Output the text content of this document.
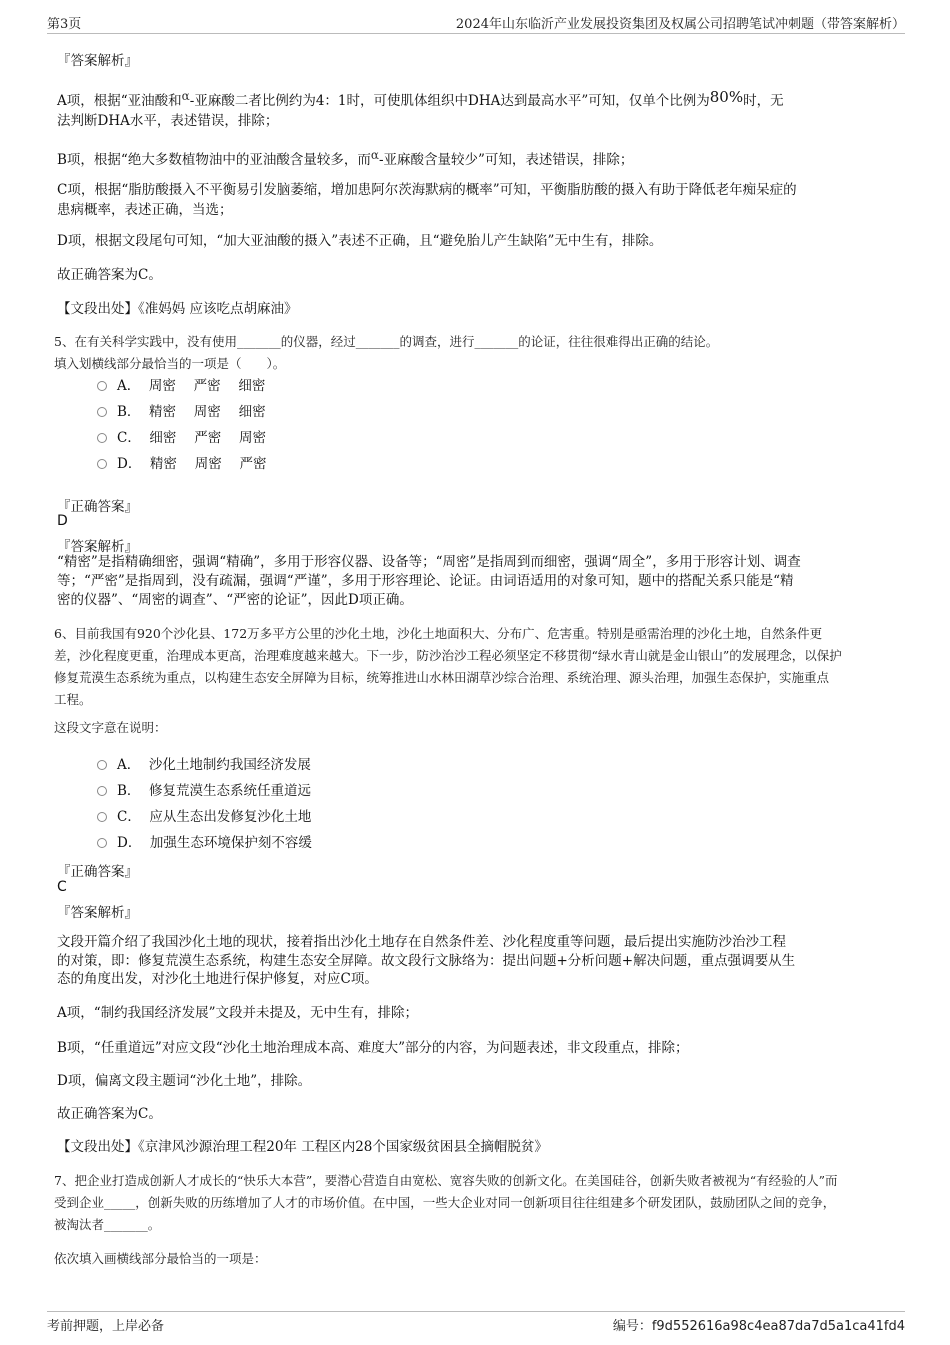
第3页	2024年山东临沂产业发展投资集团及权属公司招聘笔试冲刺题（带答案解析）
『答案解析』
A项，根据“亚油酸和α-亚麻酸二者比例约为4：1时，可使肌体组织中DHA达到最高水平”可知，仅单个比例为80%时，无
法判断DHA水平，表述错误，排除；
B项，根据“绝大多数植物油中的亚油酸含量较多，而α-亚麻酸含量较少”可知，表述错误，排除；
C项，根据“脂肪酸摄入不平衡易引发脑萎缩，增加患阿尔茨海默病的概率”可知，平衡脂肪酸的摄入有助于降低老年痴呆症的
患病概率，表述正确，当选；
D项，根据文段尾句可知，“加大亚油酸的摄入”表述不正确，且“避免胎儿产生缺陷”无中生有，排除。
故正确答案为C。
【文段出处】《准妈妈 应该吃点胡麻油》
5、在有关科学实践中，没有使用_______的仪器，经过_______的调查，进行_______的论证，往往很难得出正确的结论。
填入划横线部分最恰当的一项是（　　）。
A．  周密　 严密　 细密
B．  精密　 周密　 细密
C．  细密　 严密　 周密
D．  精密　 周密　 严密
『正确答案』
D
『答案解析』
“精密”是指精确细密，强调“精确”，多用于形容仪器、设备等；“周密”是指周到而细密，强调“周全”，多用于形容计划、调查
等；“严密”是指周到，没有疏漏，强调“严谨”，多用于形容理论、论证。由词语适用的对象可知，题中的搭配关系只能是“精
密的仪器”、“周密的调查”、“严密的论证”，因此D项正确。
6、目前我国有920个沙化县、172万多平方公里的沙化土地，沙化土地面积大、分布广、危害重。特别是亟需治理的沙化土地，自然条件更
差，沙化程度更重，治理成本更高，治理难度越来越大。下一步，防沙治沙工程必须坚定不移贯彻“绿水青山就是金山银山”的发展理念，以保护
修复荒漠生态系统为重点，以构建生态安全屏障为目标，统筹推进山水林田湖草沙综合治理、系统治理、源头治理，加强生态保护，实施重点
工程。
这段文字意在说明：
A．  沙化土地制约我国经济发展
B．  修复荒漠生态系统任重道远
C．  应从生态出发修复沙化土地
D．  加强生态环境保护刻不容缓
『正确答案』
C
『答案解析』
文段开篇介绍了我国沙化土地的现状，接着指出沙化土地存在自然条件差、沙化程度重等问题，最后提出实施防沙治沙工程
的对策，即：修复荒漠生态系统，构建生态安全屏障。故文段行文脉络为：提出问题+分析问题+解决问题，重点强调要从生
态的角度出发，对沙化土地进行保护修复，对应C项。
A项，“制约我国经济发展”文段并未提及，无中生有，排除；
B项，“任重道远”对应文段“沙化土地治理成本高、难度大”部分的内容，为问题表述，非文段重点，排除；
D项，偏离文段主题词“沙化土地”，排除。
故正确答案为C。
【文段出处】《京津风沙源治理工程20年 工程区内28个国家级贫困县全摘帽脱贫》
7、把企业打造成创新人才成长的“快乐大本营”，要潜心营造自由宽松、宽容失败的创新文化。在美国硅谷，创新失败者被视为“有经验的人”而
受到企业_____，创新失败的历练增加了人才的市场价值。在中国，一些大企业对同一创新项目往往组建多个研发团队，鼓励团队之间的竞争，
被淘汰者_______。
依次填入画横线部分最恰当的一项是：
考前押题，上岸必备	编号：f9d552616a98c4ea87da7d5a1ca41fd4
